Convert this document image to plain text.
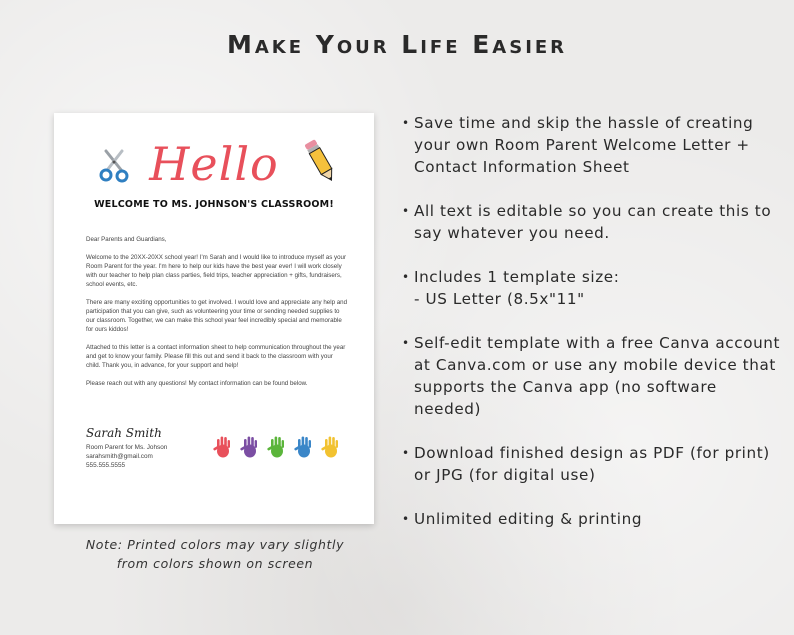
Make Your Life Easier
Hello
WELCOME TO MS. JOHNSON'S CLASSROOM!

Dear Parents and Guardians,

Welcome to the 20XX-20XX school year! I'm Sarah and I would like to introduce myself as your Room Parent for the year. I'm here to help our kids have the best year ever! I will work closely with our teacher to help plan class parties, field trips, teacher appreciation + gifts, fundraisers, school events, etc.

There are many exciting opportunities to get involved. I would love and appreciate any help and participation that you can give, such as volunteering your time or sending needed supplies to our classroom. Together, we can make this school year feel incredibly special and memorable for ours kiddos!

Attached to this letter is a contact information sheet to help communication throughout the year and get to know your family. Please fill this out and send it back to the classroom with your child. Thank you, in advance, for your support and help!

Please reach out with any questions! My contact information can be found below.

Sarah Smith
Room Parent for Ms. Johson
sarahsmith@gmail.com
555.555.5555
Note: Printed colors may vary slightly
from colors shown on screen
• Save time and skip the hassle of creating your own Room Parent Welcome Letter + Contact Information Sheet
• All text is editable so you can create this to say whatever you need.
• Includes 1 template size:
- US Letter (8.5x"11"
• Self-edit template with a free Canva account at Canva.com or use any mobile device that supports the Canva app (no software needed)
• Download finished design as PDF (for print) or JPG (for digital use)
• Unlimited editing & printing
